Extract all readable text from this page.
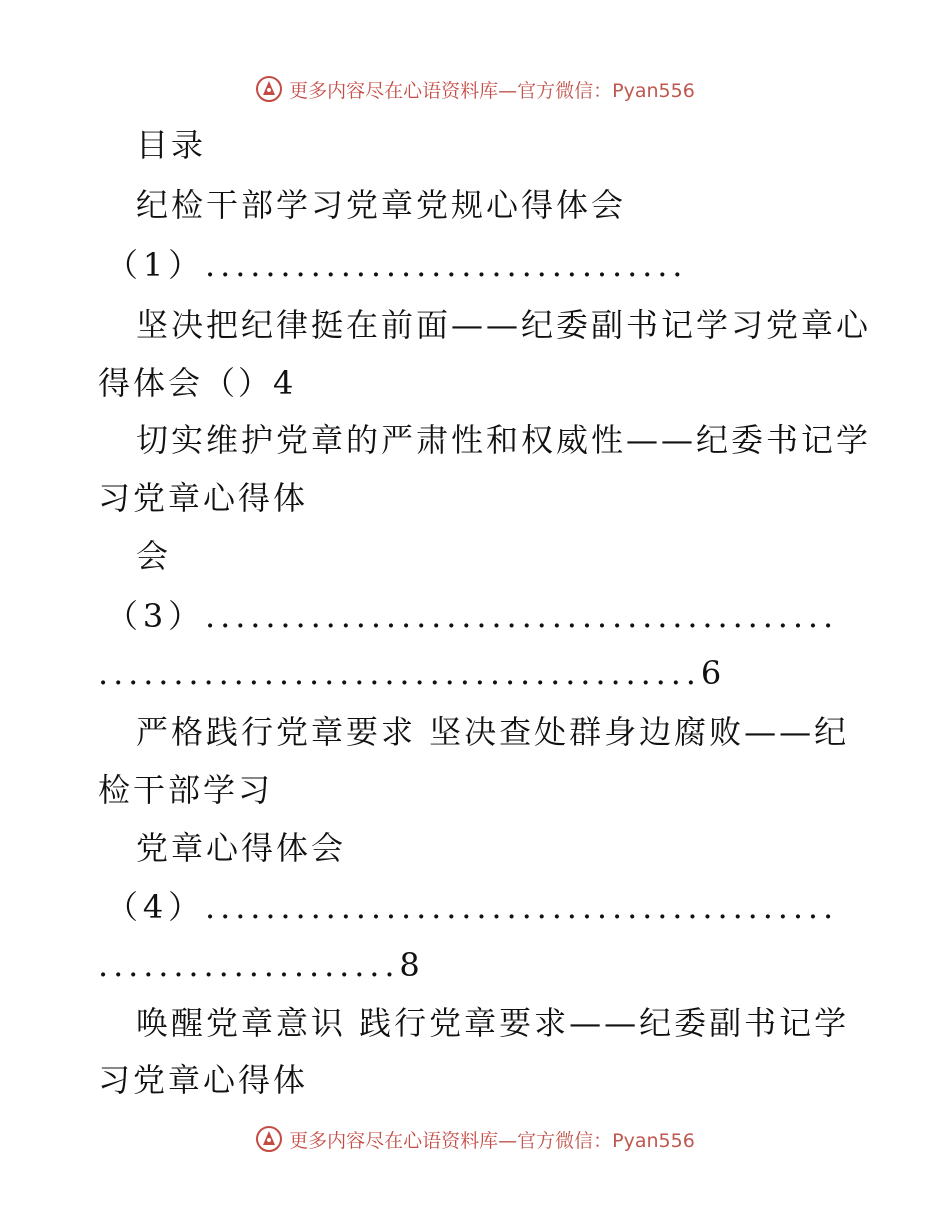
更多内容尽在心语资料库 —官方微信：Pyan556
目录
纪检干部学习党章党规心得体会
（1）................................
坚决把纪律挺在前面——纪委副书记学习党章心
得体会（）4
切实维护党章的严肃性和权威性——纪委书记学
习党章心得体
会
（3）..........................................
........................................6
严格践行党章要求 坚决查处群身边腐败——纪
检干部学习
党章心得体会
（4）..........................................
....................8
唤醒党章意识 践行党章要求——纪委副书记学
习党章心得体
更多内容尽在心语资料库 —官方微信：Pyan556
